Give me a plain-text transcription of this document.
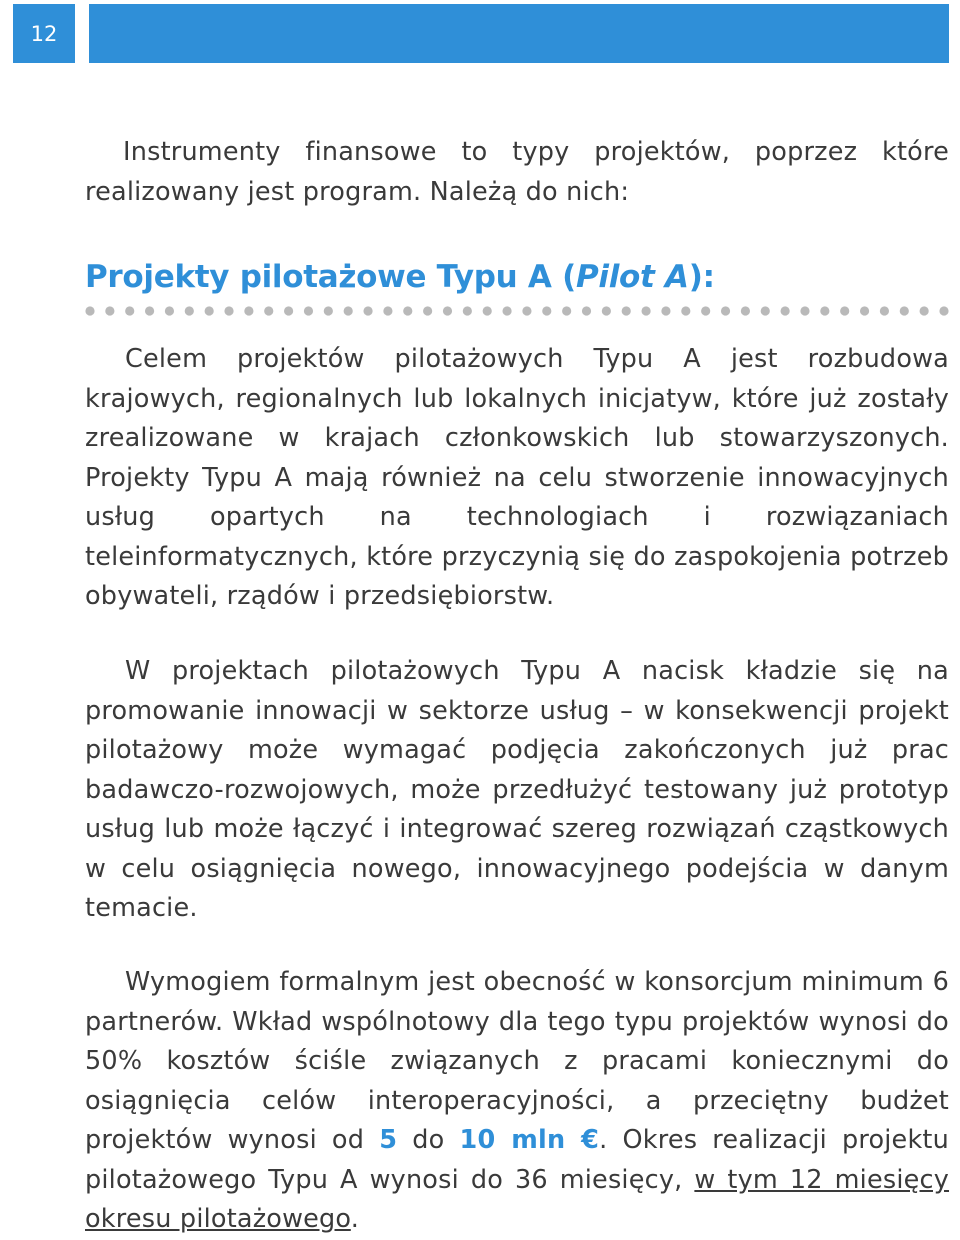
12

Instrumenty finansowe to typy projektów, poprzez które realizowany jest program. Należą do nich:

Projekty pilotażowe Typu A (Pilot A):

Celem projektów pilotażowych Typu A jest rozbudowa krajowych, regionalnych lub lokalnych inicjatyw, które już zostały zrealizowane w krajach członkowskich lub stowarzyszonych. Projekty Typu A mają również na celu stworzenie innowacyjnych usług opartych na technologiach i rozwiązaniach teleinformatycznych, które przyczynią się do zaspokojenia potrzeb obywateli, rządów i przedsiębiorstw.

W projektach pilotażowych Typu A nacisk kładzie się na promowanie innowacji w sektorze usług – w konsekwencji projekt pilotażowy może wymagać podjęcia zakończonych już prac badawczo-rozwojowych, może przedłużyć testowany już prototyp usług lub może łączyć i integrować szereg rozwiązań cząstkowych w celu osiągnięcia nowego, innowacyjnego podejścia w danym temacie.

Wymogiem formalnym jest obecność w konsorcjum minimum 6 partnerów. Wkład wspólnotowy dla tego typu projektów wynosi do 50% kosztów ściśle związanych z pracami koniecznymi do osiągnięcia celów interoperacyjności, a przeciętny budżet projektów wynosi od 5 do 10 mln €. Okres realizacji projektu pilotażowego Typu A wynosi do 36 miesięcy, w tym 12 miesięcy okresu pilotażowego.
